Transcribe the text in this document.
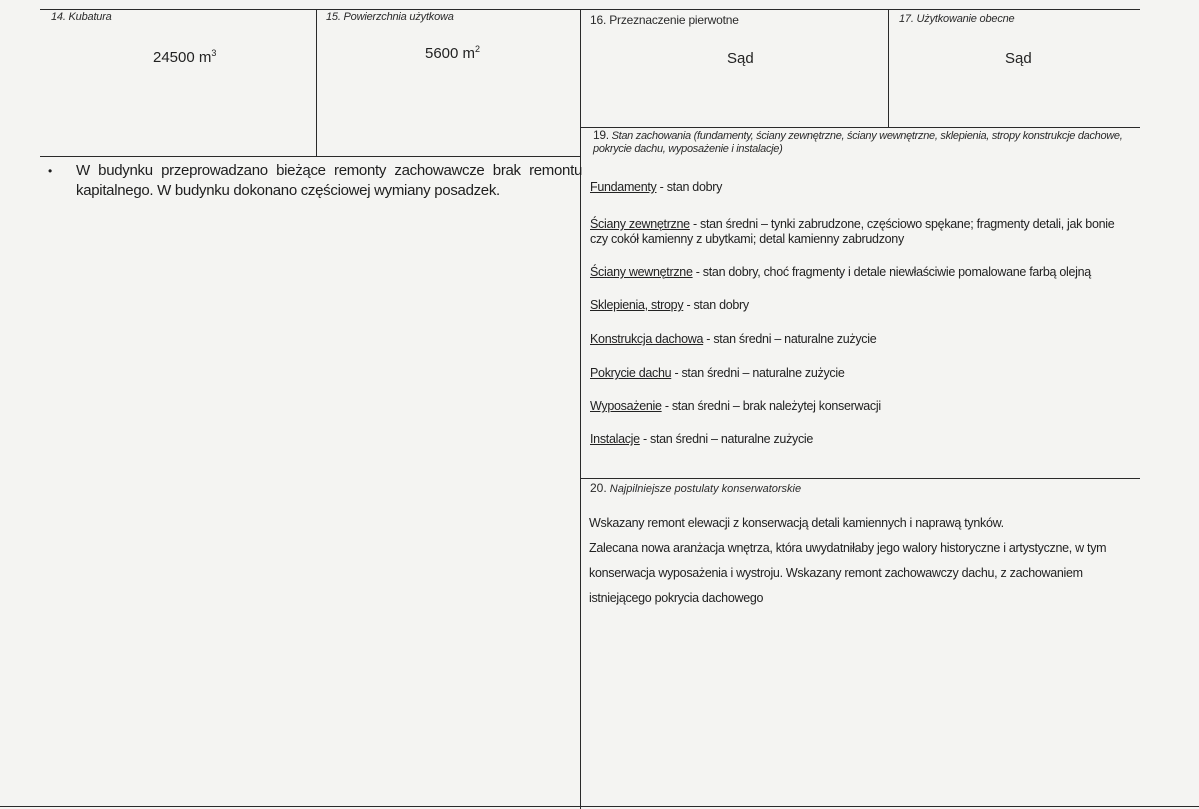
14. Kubatura
24500 $m^3$
15. Powierzchnia użytkowa
5600 $m^2$
16. Przeznaczenie pierwotne
Sąd
17. Użytkowanie obecne
Sąd
• W budynku przeprowadzano bieżące remonty zachowawcze brak remontu kapitalnego. W budynku dokonano częściowej wymiany posadzek.
19. Stan zachowania (fundamenty, ściany zewnętrzne, ściany wewnętrzne, sklepienia, stropy konstrukcje dachowe, pokrycie dachu, wyposażenie i instalacje)
Fundamenty - stan dobry
Ściany zewnętrzne - stan średni – tynki zabrudzone, częściowo spękane; fragmenty detali, jak bonie czy cokół kamienny z ubytkami; detal kamienny zabrudzony
Ściany wewnętrzne - stan dobry, choć fragmenty i detale niewłaściwie pomalowane farbą olejną
Sklepienia, stropy - stan dobry
Konstrukcja dachowa - stan średni – naturalne zużycie
Pokrycie dachu - stan średni – naturalne zużycie
Wyposażenie - stan średni – brak należytej konserwacji
Instalacje - stan średni – naturalne zużycie
20. Najpilniejsze postulaty konserwatorskie
Wskazany remont elewacji z konserwacją detali kamiennych i naprawą tynków.
Zalecana nowa aranżacja wnętrza, która uwydatniłaby jego walory historyczne i artystyczne, w tym konserwacja wyposażenia i wystroju. Wskazany remont zachowawczy dachu, z zachowaniem istniejącego pokrycia dachowego
